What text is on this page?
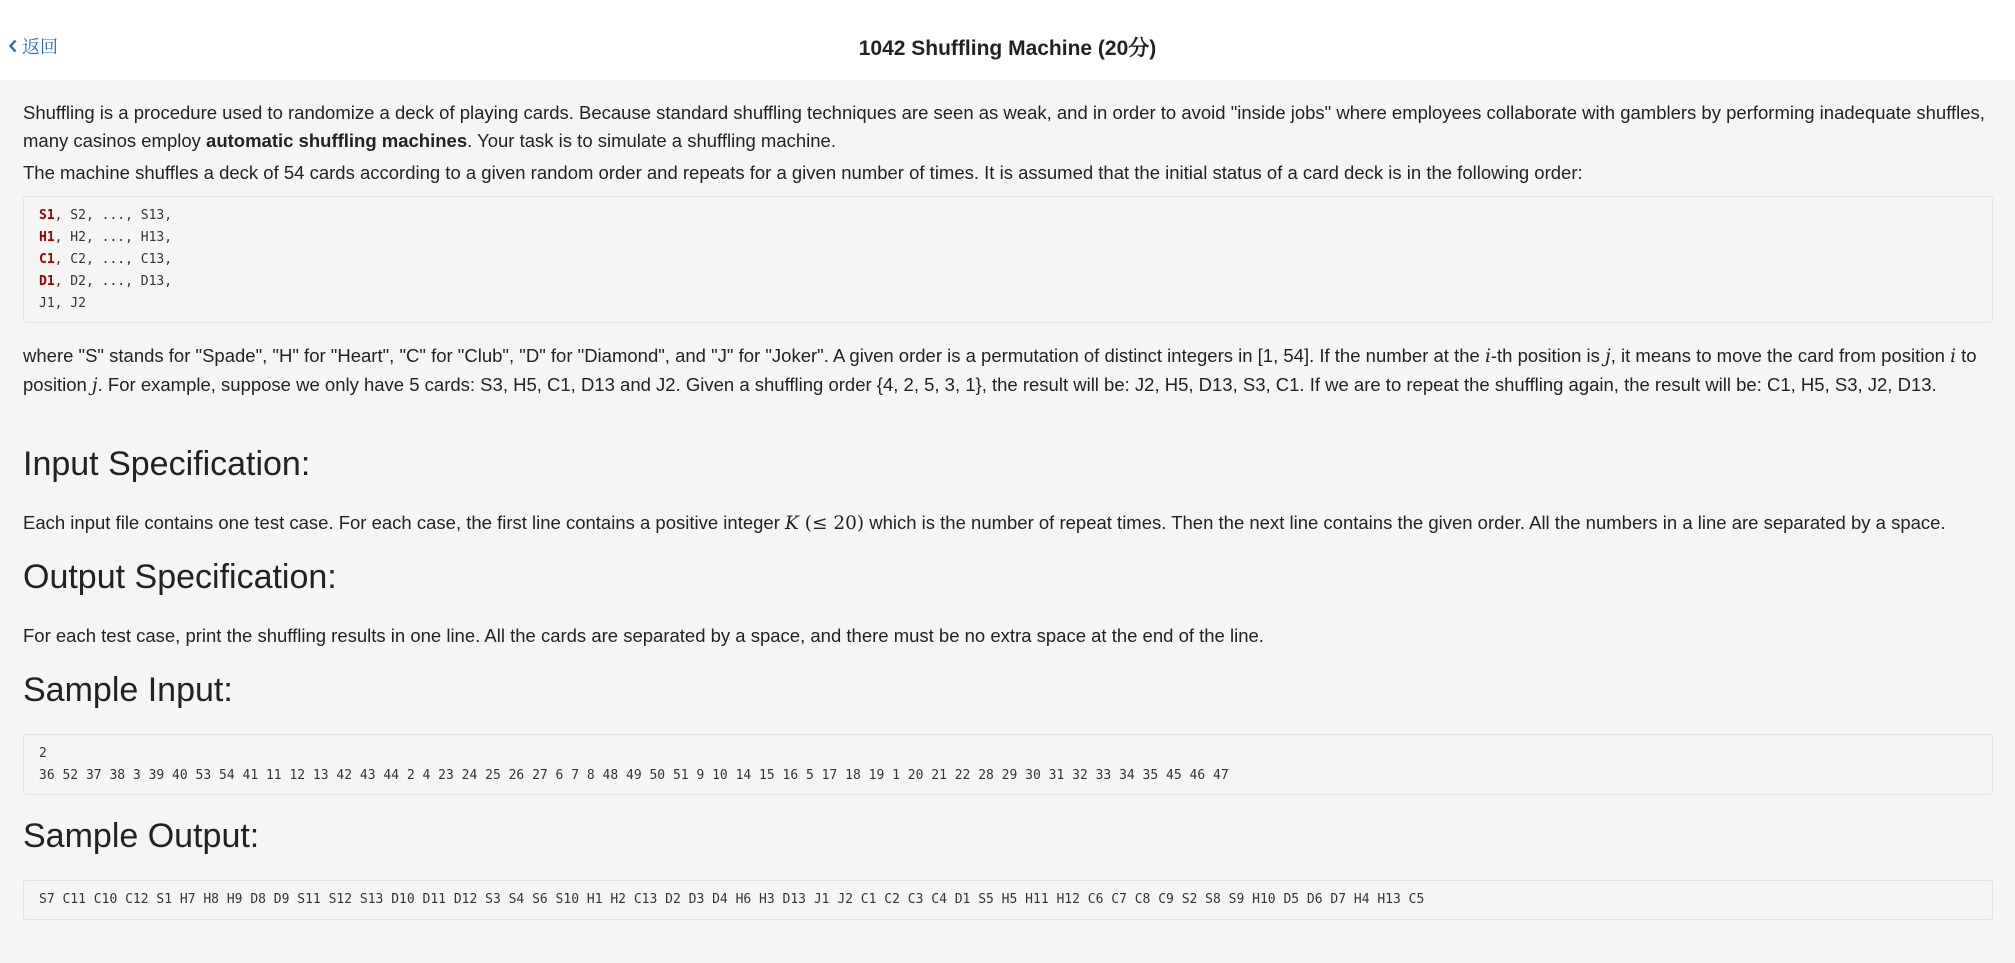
返回	1042 Shuffling Machine (20分)

Shuffling is a procedure used to randomize a deck of playing cards. Because standard shuffling techniques are seen as weak, and in order to avoid "inside jobs" where employees collaborate with gamblers by performing inadequate shuffles, many casinos employ automatic shuffling machines. Your task is to simulate a shuffling machine.

The machine shuffles a deck of 54 cards according to a given random order and repeats for a given number of times. It is assumed that the initial status of a card deck is in the following order:

S1, S2, ..., S13,
H1, H2, ..., H13,
C1, C2, ..., C13,
D1, D2, ..., D13,
J1, J2

where "S" stands for "Spade", "H" for "Heart", "C" for "Club", "D" for "Diamond", and "J" for "Joker". A given order is a permutation of distinct integers in [1, 54]. If the number at the i-th position is j, it means to move the card from position i to position j. For example, suppose we only have 5 cards: S3, H5, C1, D13 and J2. Given a shuffling order {4, 2, 5, 3, 1}, the result will be: J2, H5, D13, S3, C1. If we are to repeat the shuffling again, the result will be: C1, H5, S3, J2, D13.

Input Specification:

Each input file contains one test case. For each case, the first line contains a positive integer K (≤ 20) which is the number of repeat times. Then the next line contains the given order. All the numbers in a line are separated by a space.

Output Specification:

For each test case, print the shuffling results in one line. All the cards are separated by a space, and there must be no extra space at the end of the line.

Sample Input:
2
36 52 37 38 3 39 40 53 54 41 11 12 13 42 43 44 2 4 23 24 25 26 27 6 7 8 48 49 50 51 9 10 14 15 16 5 17 18 19 1 20 21 22 28 29 30 31 32 33 34 35 45 46 47
Sample Output:
S7 C11 C10 C12 S1 H7 H8 H9 D8 D9 S11 S12 S13 D10 D11 D12 S3 S4 S6 S10 H1 H2 C13 D2 D3 D4 H6 H3 D13 J1 J2 C1 C2 C3 C4 D1 S5 H5 H11 H12 C6 C7 C8 C9 S2 S8 S9 H10 D5 D6 D7 H4 H13 C5
